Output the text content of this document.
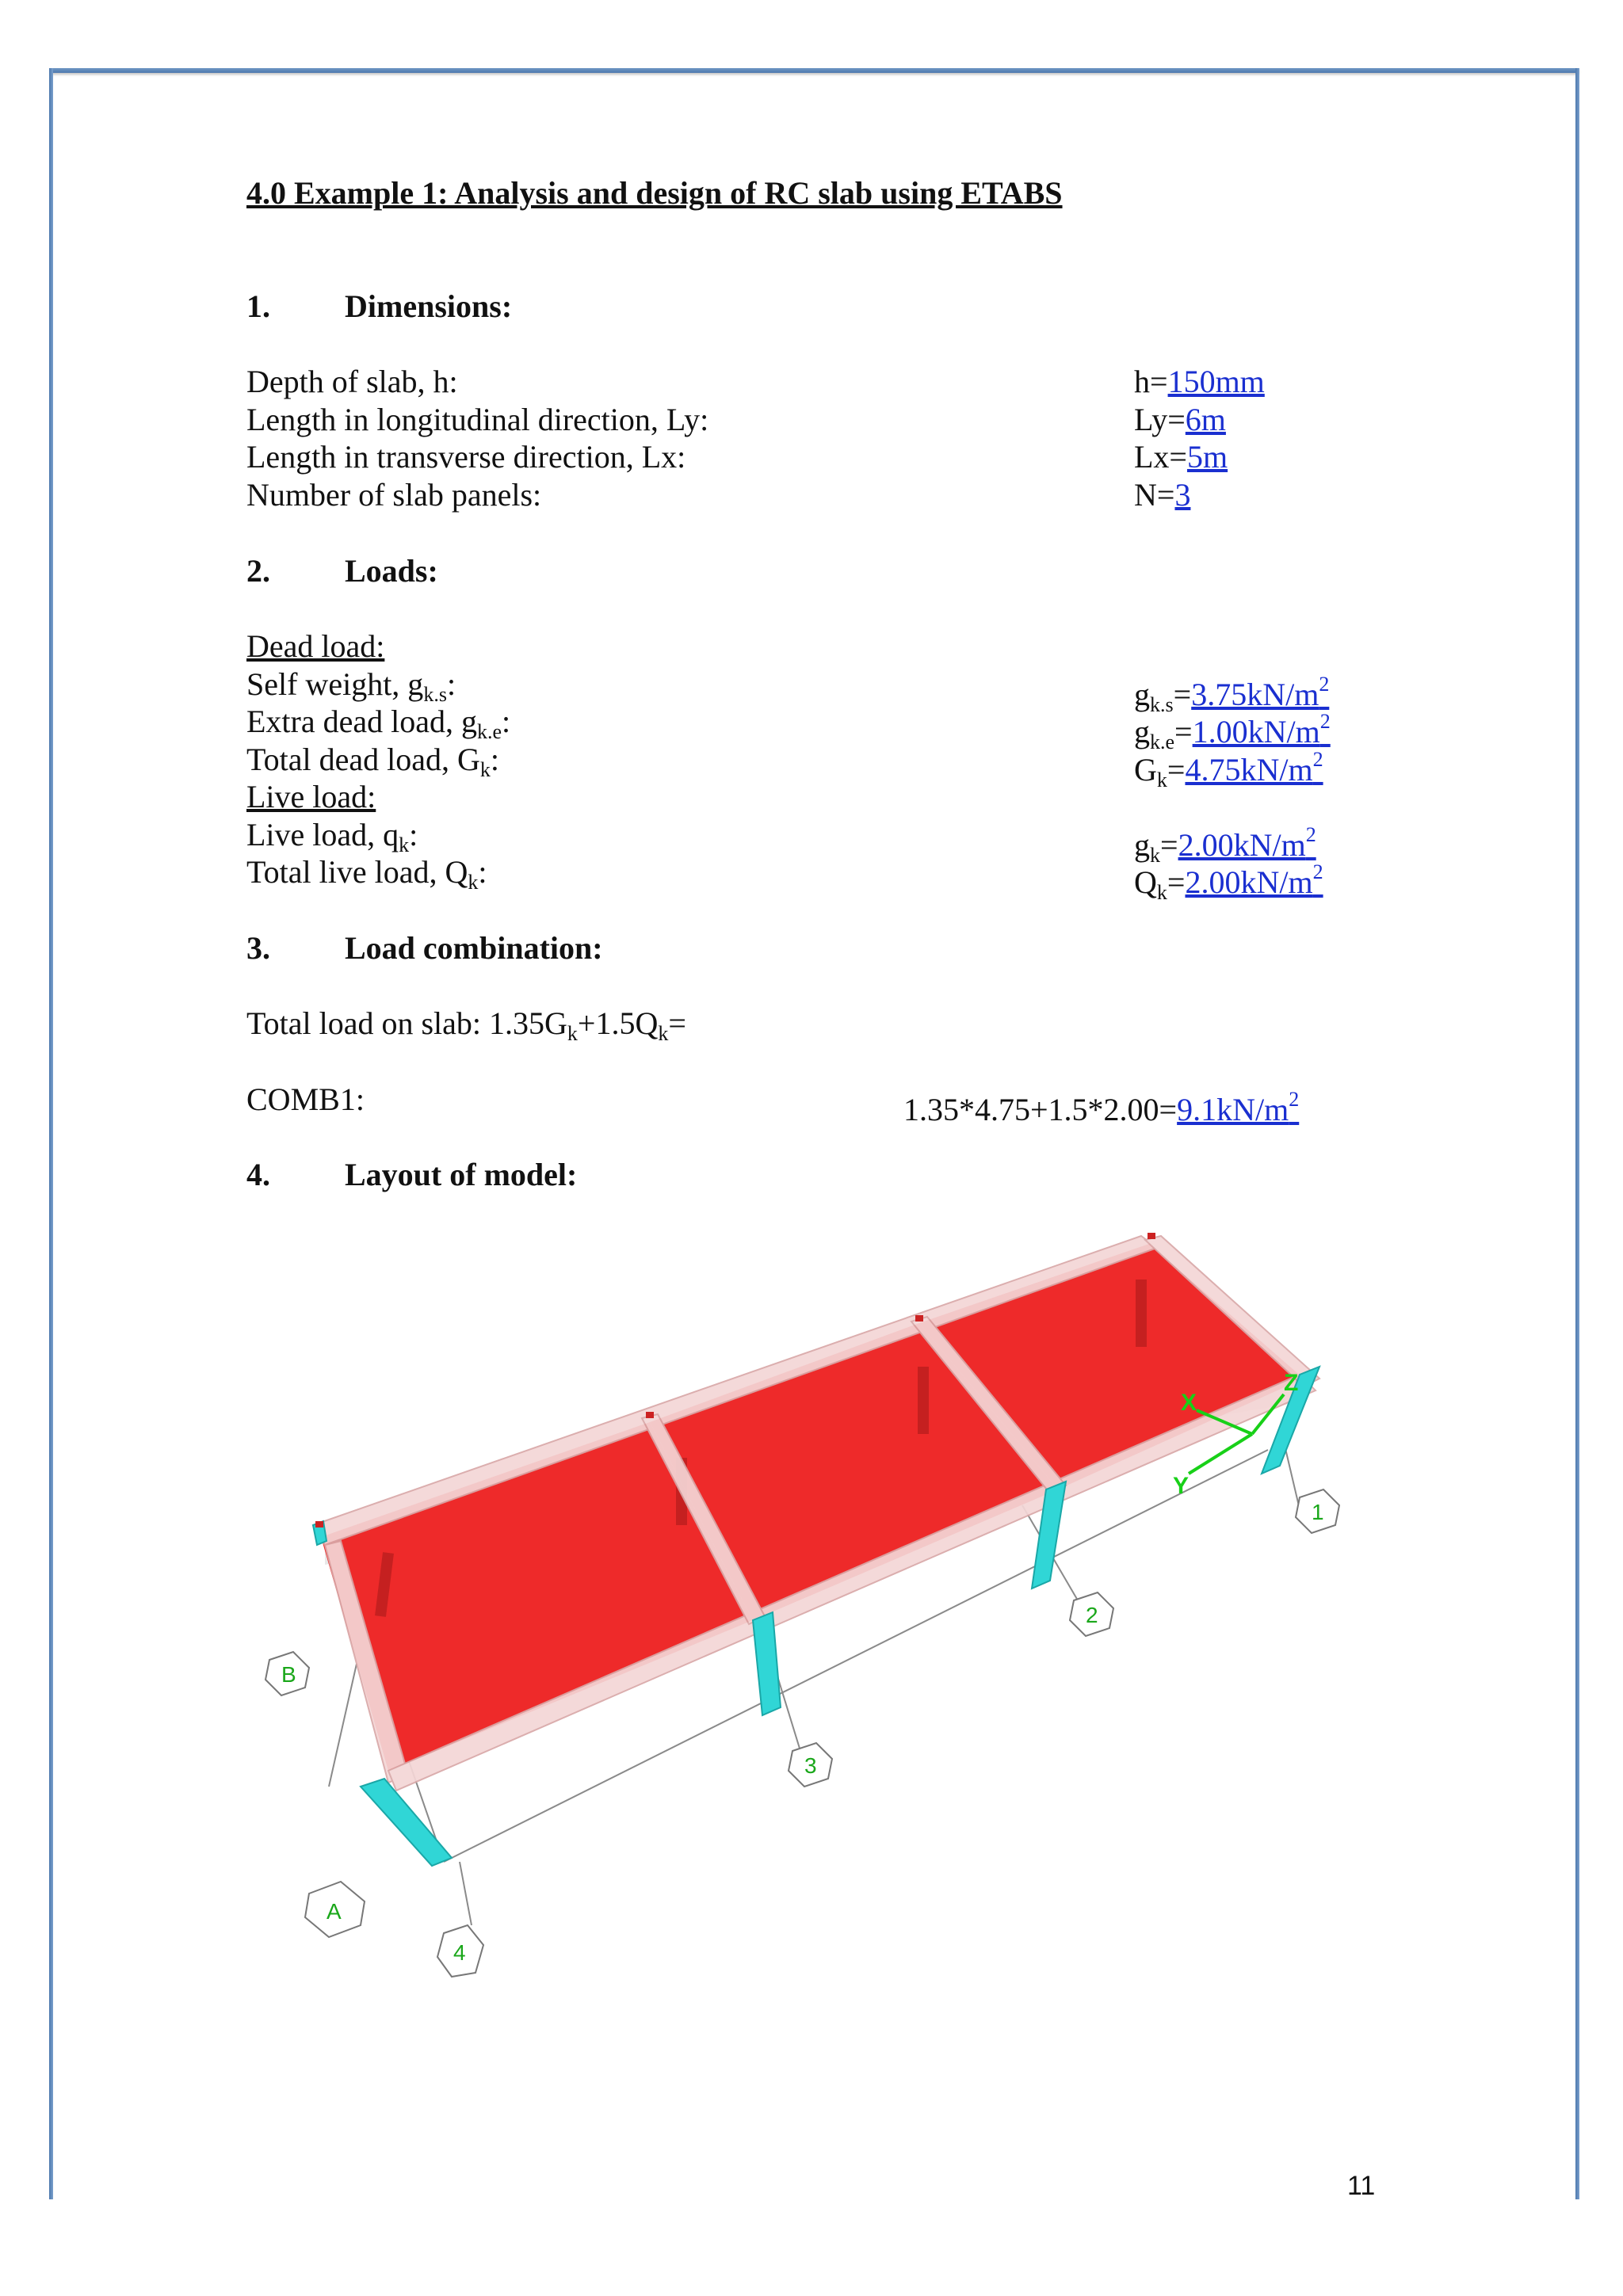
4.0 Example 1: Analysis and design of RC slab using ETABS
1. Dimensions:
Depth of slab, h:	h=150mm
Length in longitudinal direction, Ly:	Ly=6m
Length in transverse direction, Lx:	Lx=5m
Number of slab panels:	N=3
2. Loads:
Dead load:
Self weight, $g_{k.s}$:	$g_{k.s}=3.75kN/m^2$
Extra dead load, $g_{k.e}$:	$g_{k.e}=1.00kN/m^2$
Total dead load, $G_k$:	$G_k=4.75kN/m^2$
Live load:
Live load, $q_k$:	$g_k=2.00kN/m^2$
Total live load, $Q_k$:	$Q_k=2.00kN/m^2$
3. Load combination:
Total load on slab: $1.35G_k+1.5Q_k=$
COMB1:	$1.35*4.75+1.5*2.00=9.1kN/m^2$
4. Layout of model:
X
Y
Z
1
2
3
B
A
4
11
